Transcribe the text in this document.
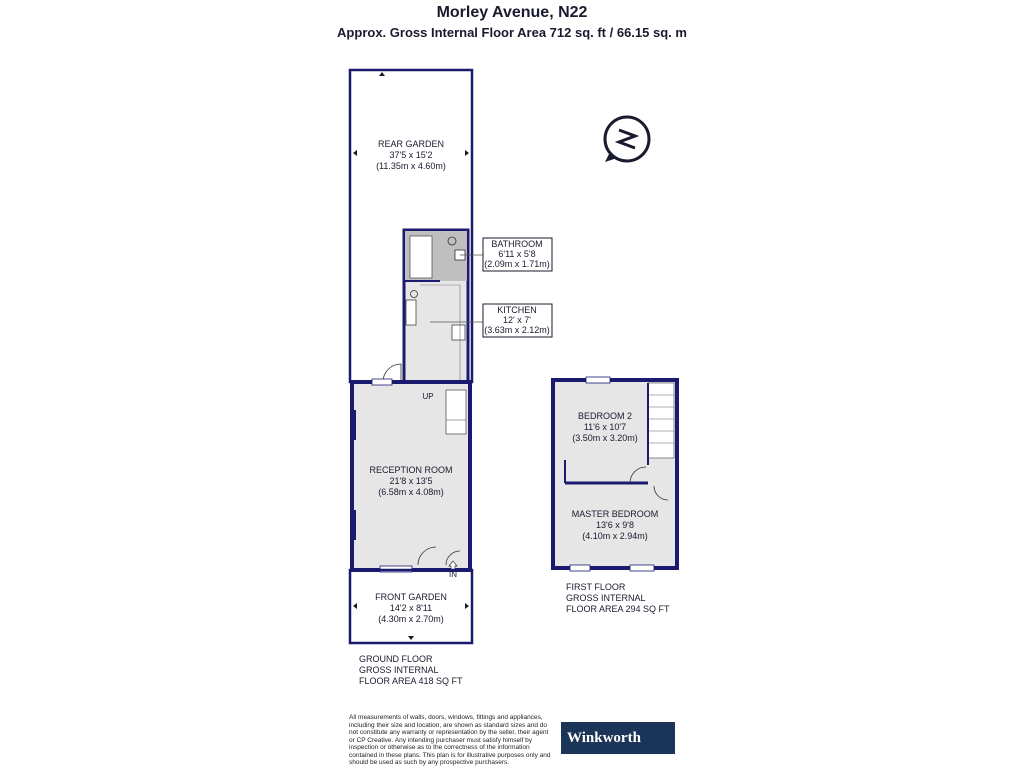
Morley Avenue, N22
Approx. Gross Internal Floor Area 712 sq. ft / 66.15 sq. m
REAR GARDEN
37'5 x 15'2
(11.35m x 4.60m)
BATHROOM
6'11 x 5'8
(2.09m x 1.71m)
KITCHEN
12' x 7'
(3.63m x 2.12m)
RECEPTION ROOM
21'8 x 13'5
(6.58m x 4.08m)
UP
IN
FRONT GARDEN
14'2 x 8'11
(4.30m x 2.70m)
BEDROOM 2
11'6 x 10'7
(3.50m x 3.20m)
MASTER BEDROOM
13'6 x 9'8
(4.10m x 2.94m)
GROUND FLOOR
GROSS INTERNAL
FLOOR AREA 418 SQ FT
FIRST FLOOR
GROSS INTERNAL
FLOOR AREA 294 SQ FT
All measurements of walls, doors, windows, fittings and appliances, including their size and location, are shown as standard sizes and do not constitute any warranty or representation by the seller, their agent or CP Creative. Any intending purchaser must satisfy himself by inspection or otherwise as to the correctness of the information contained in these plans. This plan is for illustrative purposes only and should be used as such by any prospective purchasers.
Winkworth
